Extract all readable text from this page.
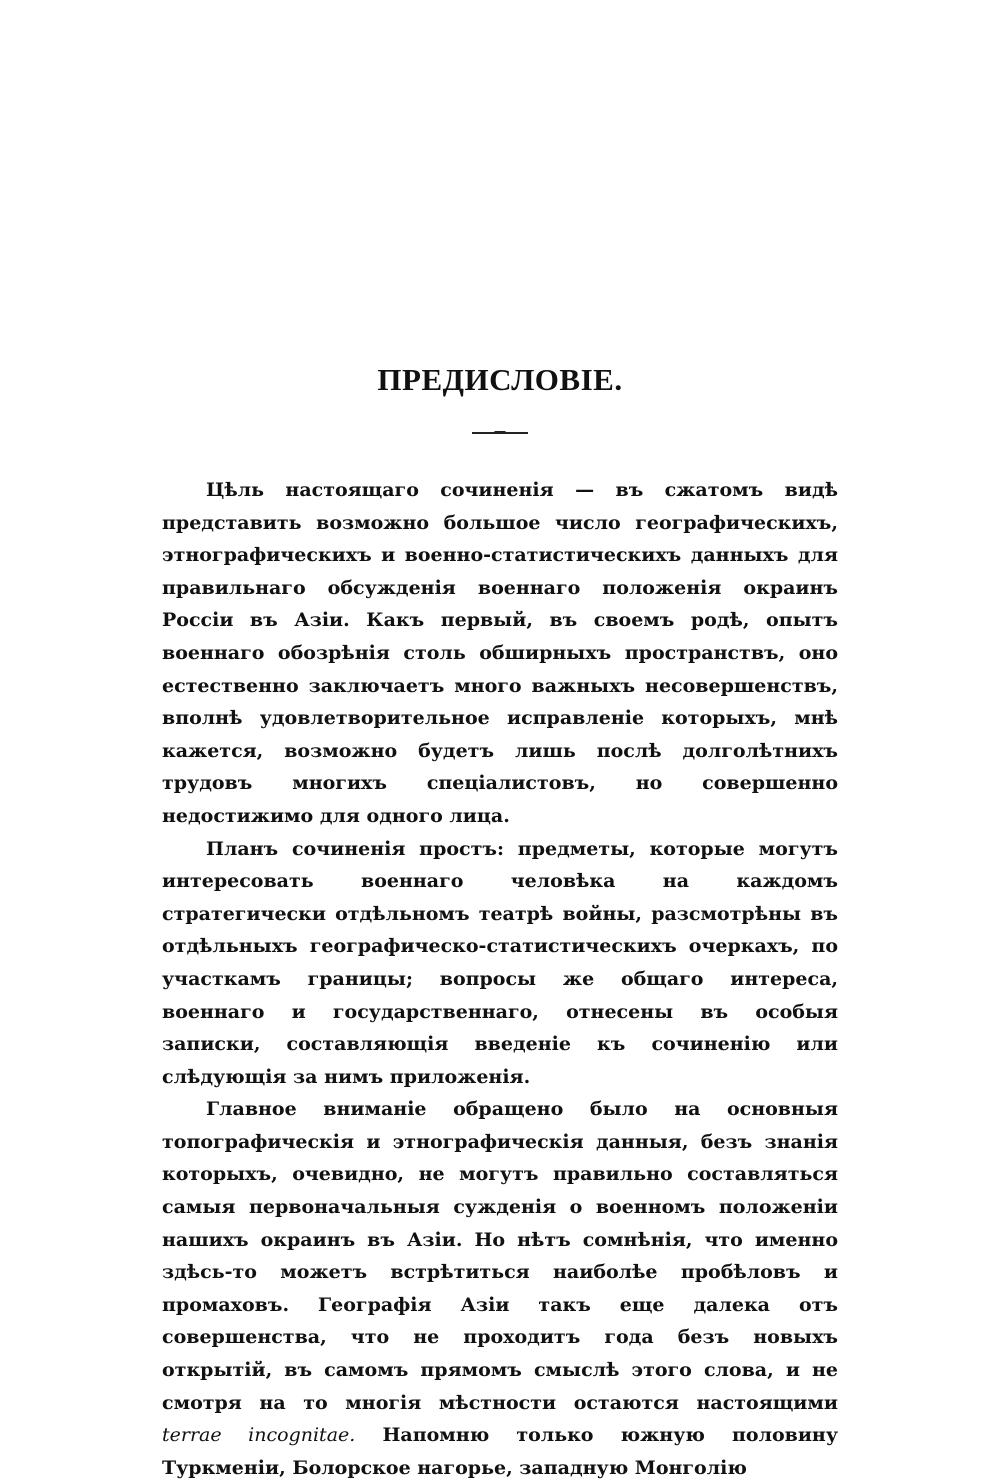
ПРЕДИСЛОВІЕ.

Цѣль настоящаго сочиненія — въ сжатомъ видѣ представить возможно большое число географическихъ, этнографическихъ и военно-статистическихъ данныхъ для правильнаго обсужденія военнаго положенія окраинъ Россіи въ Азіи. Какъ первый, въ своемъ родѣ, опытъ военнаго обозрѣнія столь обширныхъ пространствъ, оно естественно заключаетъ много важныхъ несовершенствъ, вполнѣ удовлетворительное исправленіе которыхъ, мнѣ кажется, возможно будетъ лишь послѣ долголѣтнихъ трудовъ многихъ спеціалистовъ, но совершенно недостижимо для одного лица.

Планъ сочиненія простъ: предметы, которые могутъ интересовать военнаго человѣка на каждомъ стратегически отдѣльномъ театрѣ войны, разсмотрѣны въ отдѣльныхъ географическо-статистическихъ очеркахъ, по участкамъ границы; вопросы же общаго интереса, военнаго и государственнаго, отнесены въ особыя записки, составляющія введеніе къ сочиненію или слѣдующія за нимъ приложенія.

Главное вниманіе обращено было на основныя топографическія и этнографическія данныя, безъ знанія которыхъ, очевидно, не могутъ правильно составляться самыя первоначальныя сужденія о военномъ положеніи нашихъ окраинъ въ Азіи. Но нѣтъ сомнѣнія, что именно здѣсь-то можетъ встрѣтиться наиболѣе пробѣловъ и промаховъ. Географія Азіи такъ еще далека отъ совершенства, что не проходитъ года безъ новыхъ открытій, въ самомъ прямомъ смыслѣ этого слова, и не смотря на то многія мѣстности остаются настоящими terrae incognitae. Напомню только южную половину Туркменіи, Болорское нагорье, западную Монголію
